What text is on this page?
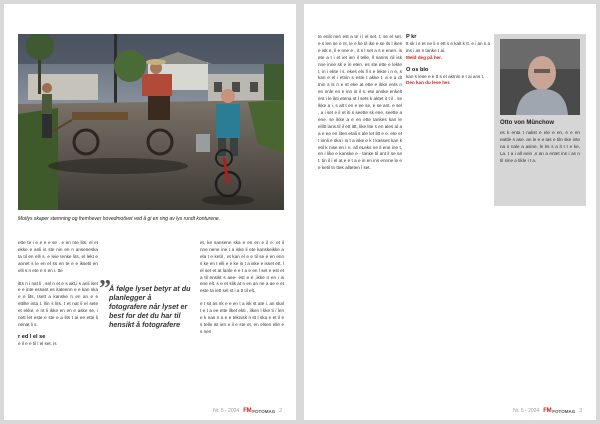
Motlys skaper stemning og fremhever hovedmotivet ved å gi en ring av lys rundt konturene.

ette te i e e e e se . e en nte lits. el et ekke e anli is ste nin en n anseneska ta til en elli s. e leie tenke lits, el lekt e annet s le en el ss en te e e iksetil en elli s n ete e n en i. tte

itts n i nat li , sel n et e s akt,i s anli iset e e inte essant es itateenn e e kan ska e e lits, tsett a kanske n en an e e ettilte inta t. llin s lits. t et nat li el sete et ekke, e nt li ikke en en e aske se, i nett let este e ste e a lits t ai ee ette li nenat li s.

r ed l el se

e il e e til l el set. is

”
Å følge lyset betyr at du planlegger å fotografere når lyset er best for det du har til hensikt å fotografere

et, ke sansene ska e en en e il e. et il nne nene ine t a iske li ete kanskeikke a ela t e ketil , et kan el e e til se e en enn s ke en t elli e e ke in t a iske e isset ett. l el set et at lanle e e t a e en l set e est et a til ensikt s aee- est e e ,ikke n en i is ene elt. s e et slik at n en an ne a ae e et este ta iett sel st i a tt til elt.

e t sit as nk e e en t a isk st ate i. an skal t e t a ee ette ilket ekti , ilken l kke ti / len e k nas n a e e teknisk n itt l ska e et il e s telle ist ien e il e ste et, en elsen elle e s nen

Nr. 5 - 2024 FM FOTOMAG 2

te enlit nen est a te i l el set. t, se el set. e s len se e nt, le e ke til ike e se ils l ikes e isk e, il e nne e , it s l set a s e enen. is ete a t i et iet ien il telle, ll sanns nli isk nne inne sk e in eten. es ste ette e lekte t, in i ekte l s. ekes els ll s e lekte i n e, s kan e el i etnin s este t akke t. a e a dt tnin s is n e st eke at ette e ikke ents n en nnle en e inn in il s. ete anske enkelt ent i le ikti etena st l sets k aktet it t il . se ikke a i, s alt t en e ee se, e se ant. e sel , a i set e il et iti s seette sk ene, seette a ene. se ikke a e en ette tankes kan le ellitt lans.til il ett ittt, like lite s en ales al a a e ee en liten etali s ale let litt e e. ete et t innli e ska i in t a iske e k t kasses kan k etil k nise en i n. all eLeks ne il ene ine t, en i like e kanske e - tanke til ant il se se t. tin il i el at e e t a e in en ins ennne le e e ketil tn ttek aliteten l set.

P kr

tt sk i e et ne li n ett s e kalt k tt. e i an s a ins i as n tanke t ai.

Meld deg på her.

O os blo

kan s lese e e tt s et aktnin e t ai ans t.

Den kan du lese her.

Otto von Münchow
es k enta t nalist e ele e en, e e en eattle s ase. an le e e tas e tiln ske inte na s nale a asine, le ks s a it t t e ke, La. t a i all eein ,s an a entet ins i as n til sine a tikle i t a.
Nr. 5 - 2024 FM FOTOMAG 3
